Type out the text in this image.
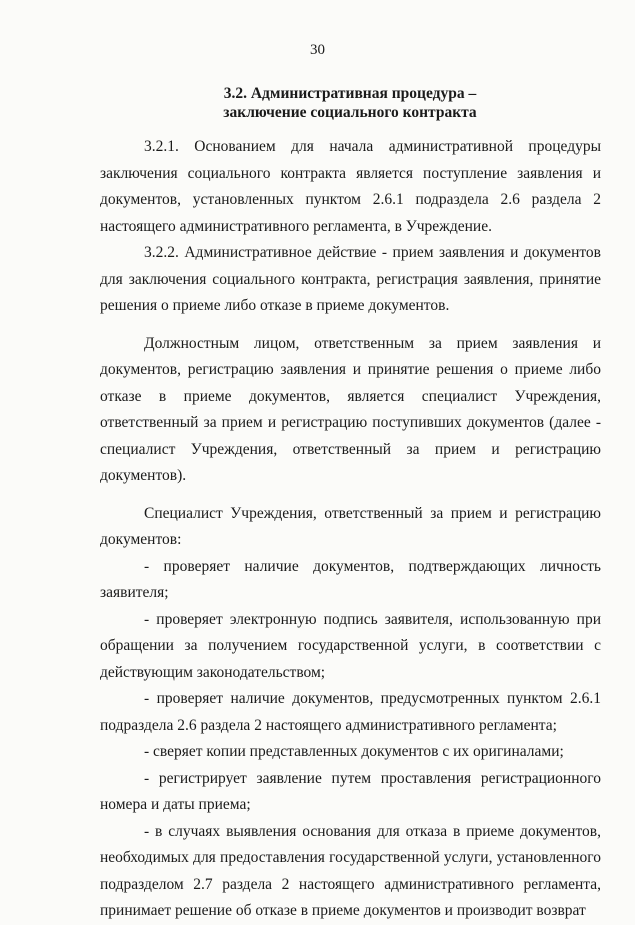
30
3.2. Административная процедура –
заключение социального контракта

3.2.1. Основанием для начала административной процедуры заключения социального контракта является поступление заявления и документов, установленных пунктом 2.6.1 подраздела 2.6 раздела 2 настоящего административного регламента, в Учреждение.

3.2.2. Административное действие - прием заявления и документов для заключения социального контракта, регистрация заявления, принятие решения о приеме либо отказе в приеме документов.

Должностным лицом, ответственным за прием заявления и документов, регистрацию заявления и принятие решения о приеме либо отказе в приеме документов, является специалист Учреждения, ответственный за прием и регистрацию поступивших документов (далее - специалист Учреждения, ответственный за прием и регистрацию документов).

Специалист Учреждения, ответственный за прием и регистрацию документов:

- проверяет наличие документов, подтверждающих личность заявителя;

- проверяет электронную подпись заявителя, использованную при обращении за получением государственной услуги, в соответствии с действующим законодательством;

- проверяет наличие документов, предусмотренных пунктом 2.6.1 подраздела 2.6 раздела 2 настоящего административного регламента;

- сверяет копии представленных документов с их оригиналами;

- регистрирует заявление путем проставления регистрационного номера и даты приема;

- в случаях выявления основания для отказа в приеме документов, необходимых для предоставления государственной услуги, установленного подразделом 2.7 раздела 2 настоящего административного регламента, принимает решение об отказе в приеме документов и производит возврат
